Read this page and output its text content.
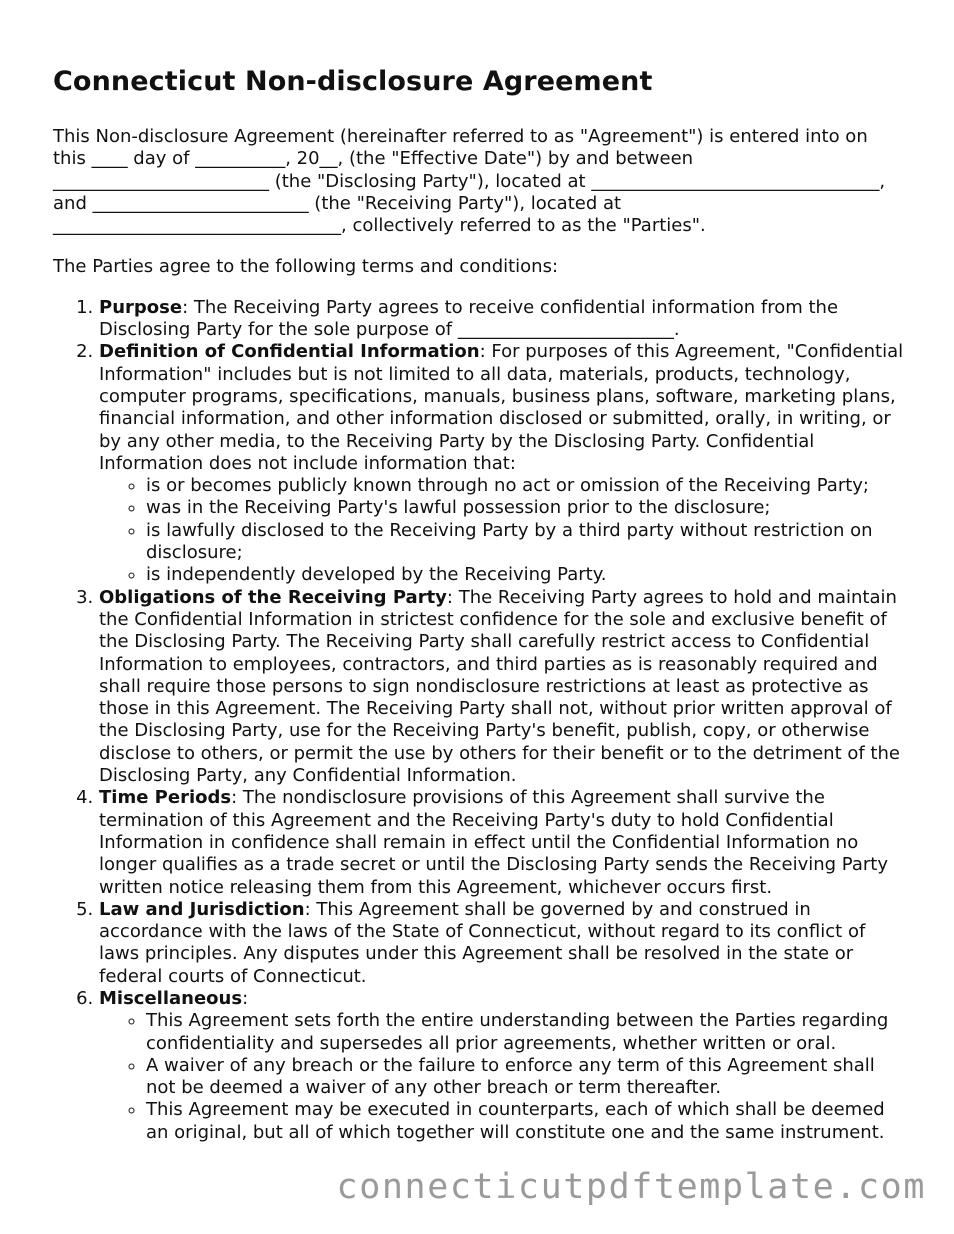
Connecticut Non-disclosure Agreement

This Non-disclosure Agreement (hereinafter referred to as "Agreement") is entered into on this ____ day of __________, 20__, (the "Effective Date") by and between ________________________ (the "Disclosing Party"), located at ________________________________, and ________________________ (the "Receiving Party"), located at ________________________________, collectively referred to as the "Parties".

The Parties agree to the following terms and conditions:

1. Purpose: The Receiving Party agrees to receive confidential information from the Disclosing Party for the sole purpose of ________________________.
2. Definition of Confidential Information: For purposes of this Agreement, "Confidential Information" includes but is not limited to all data, materials, products, technology, computer programs, specifications, manuals, business plans, software, marketing plans, financial information, and other information disclosed or submitted, orally, in writing, or by any other media, to the Receiving Party by the Disclosing Party. Confidential Information does not include information that:
◦ is or becomes publicly known through no act or omission of the Receiving Party;
◦ was in the Receiving Party's lawful possession prior to the disclosure;
◦ is lawfully disclosed to the Receiving Party by a third party without restriction on disclosure;
◦ is independently developed by the Receiving Party.
3. Obligations of the Receiving Party: The Receiving Party agrees to hold and maintain the Confidential Information in strictest confidence for the sole and exclusive benefit of the Disclosing Party. The Receiving Party shall carefully restrict access to Confidential Information to employees, contractors, and third parties as is reasonably required and shall require those persons to sign nondisclosure restrictions at least as protective as those in this Agreement. The Receiving Party shall not, without prior written approval of the Disclosing Party, use for the Receiving Party's benefit, publish, copy, or otherwise disclose to others, or permit the use by others for their benefit or to the detriment of the Disclosing Party, any Confidential Information.
4. Time Periods: The nondisclosure provisions of this Agreement shall survive the termination of this Agreement and the Receiving Party's duty to hold Confidential Information in confidence shall remain in effect until the Confidential Information no longer qualifies as a trade secret or until the Disclosing Party sends the Receiving Party written notice releasing them from this Agreement, whichever occurs first.
5. Law and Jurisdiction: This Agreement shall be governed by and construed in accordance with the laws of the State of Connecticut, without regard to its conflict of laws principles. Any disputes under this Agreement shall be resolved in the state or federal courts of Connecticut.
6. Miscellaneous:
◦ This Agreement sets forth the entire understanding between the Parties regarding confidentiality and supersedes all prior agreements, whether written or oral.
◦ A waiver of any breach or the failure to enforce any term of this Agreement shall not be deemed a waiver of any other breach or term thereafter.
◦ This Agreement may be executed in counterparts, each of which shall be deemed an original, but all of which together will constitute one and the same instrument.
connecticutpdftemplate.com
